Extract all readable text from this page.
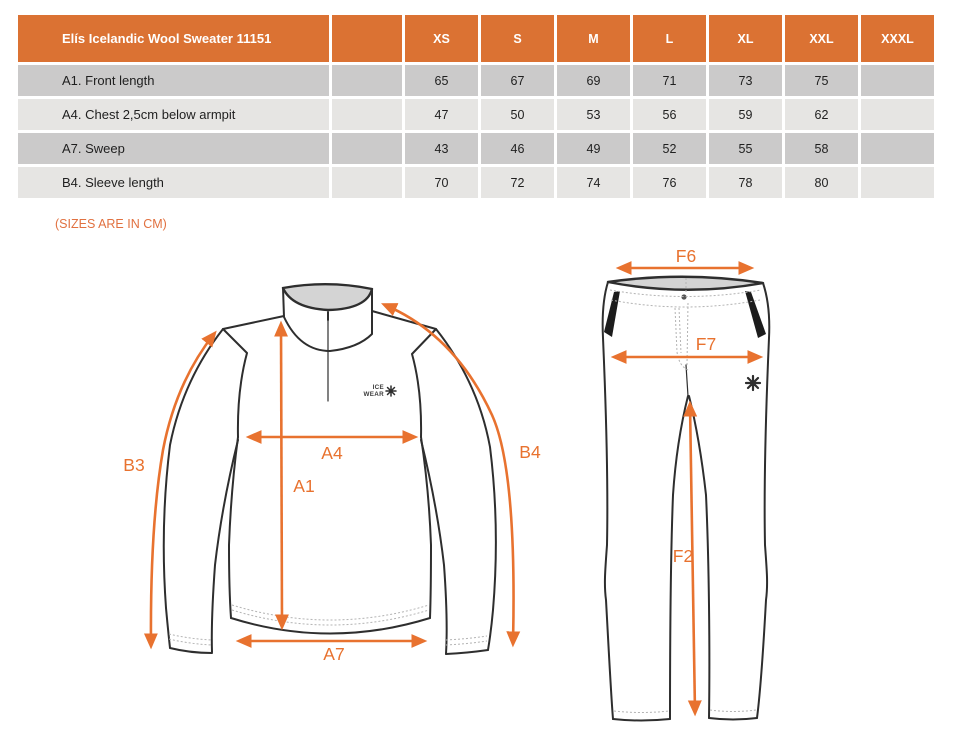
Elís Icelandic Wool Sweater 11151		XS	S	M	L	XL	XXL	XXXL
A1. Front length		65	67	69	71	73	75	
A4. Chest 2,5cm below armpit		47	50	53	56	59	62	
A7. Sweep		43	46	49	52	55	58	
B4. Sleeve length		70	72	74	76	78	80	
(SIZES ARE IN CM)
ICE
WEAR
B3
A4
A1
B4
A7
F6
F7
F2
